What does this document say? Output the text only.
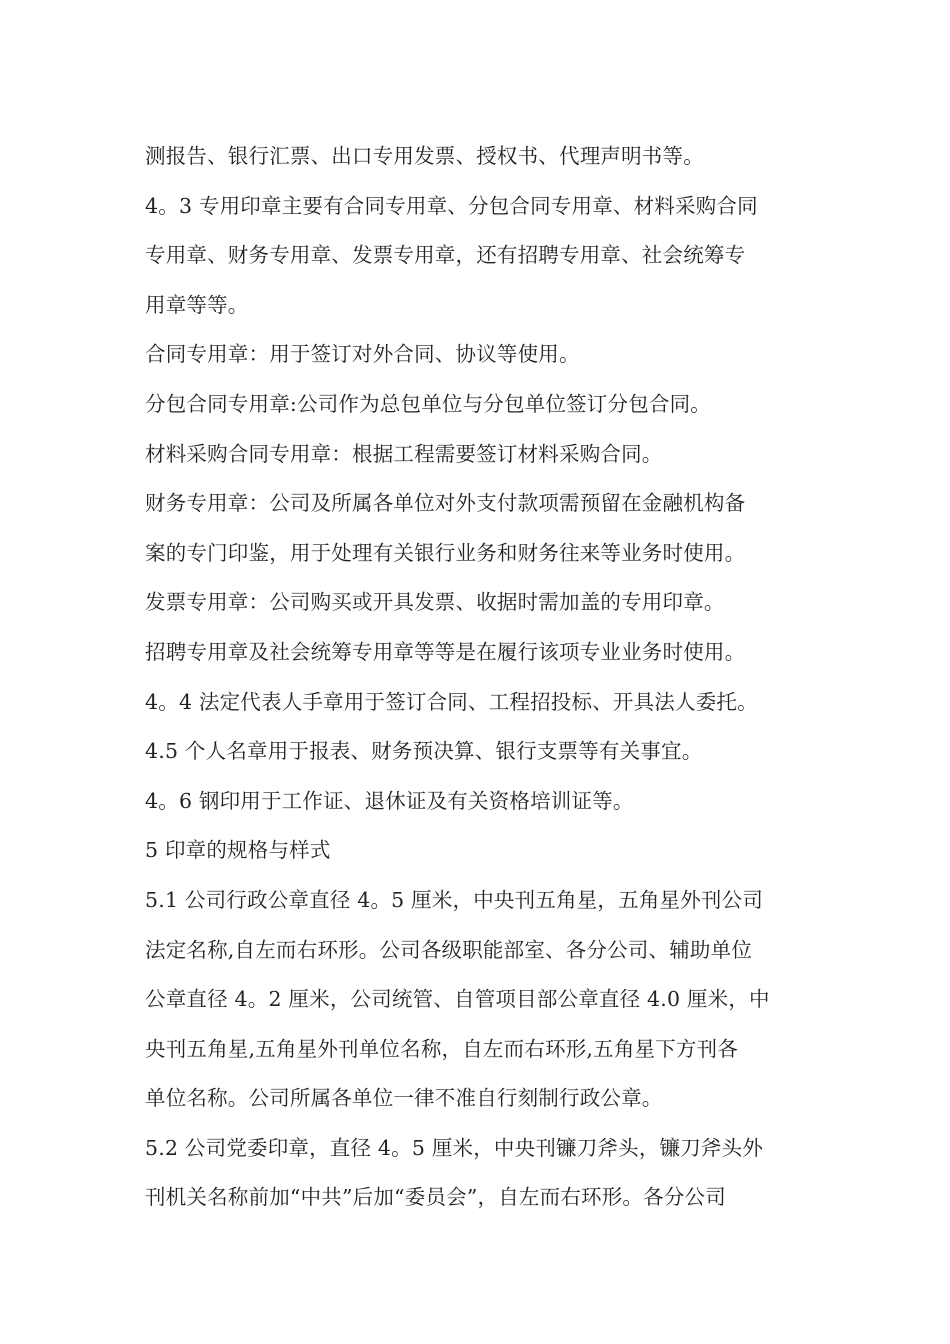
测报告、银行汇票、出口专用发票、授权书、代理声明书等。
4。3 专用印章主要有合同专用章、分包合同专用章、材料采购合同
专用章、财务专用章、发票专用章，还有招聘专用章、社会统筹专
用章等等。
合同专用章：用于签订对外合同、协议等使用。
分包合同专用章:公司作为总包单位与分包单位签订分包合同。
材料采购合同专用章：根据工程需要签订材料采购合同。
财务专用章：公司及所属各单位对外支付款项需预留在金融机构备
案的专门印鉴，用于处理有关银行业务和财务往来等业务时使用。
发票专用章：公司购买或开具发票、收据时需加盖的专用印章。
招聘专用章及社会统筹专用章等等是在履行该项专业业务时使用。
4。4 法定代表人手章用于签订合同、工程招投标、开具法人委托。
4.5 个人名章用于报表、财务预决算、银行支票等有关事宜。
4。6 钢印用于工作证、退休证及有关资格培训证等。
5 印章的规格与样式
5.1 公司行政公章直径 4。5 厘米，中央刊五角星，五角星外刊公司
法定名称,自左而右环形。公司各级职能部室、各分公司、辅助单位
公章直径 4。2 厘米，公司统管、自管项目部公章直径 4.0 厘米，中
央刊五角星,五角星外刊单位名称，自左而右环形,五角星下方刊各
单位名称。公司所属各单位一律不准自行刻制行政公章。
5.2 公司党委印章，直径 4。5 厘米，中央刊镰刀斧头，镰刀斧头外
刊机关名称前加“中共”后加“委员会”，自左而右环形。各分公司
